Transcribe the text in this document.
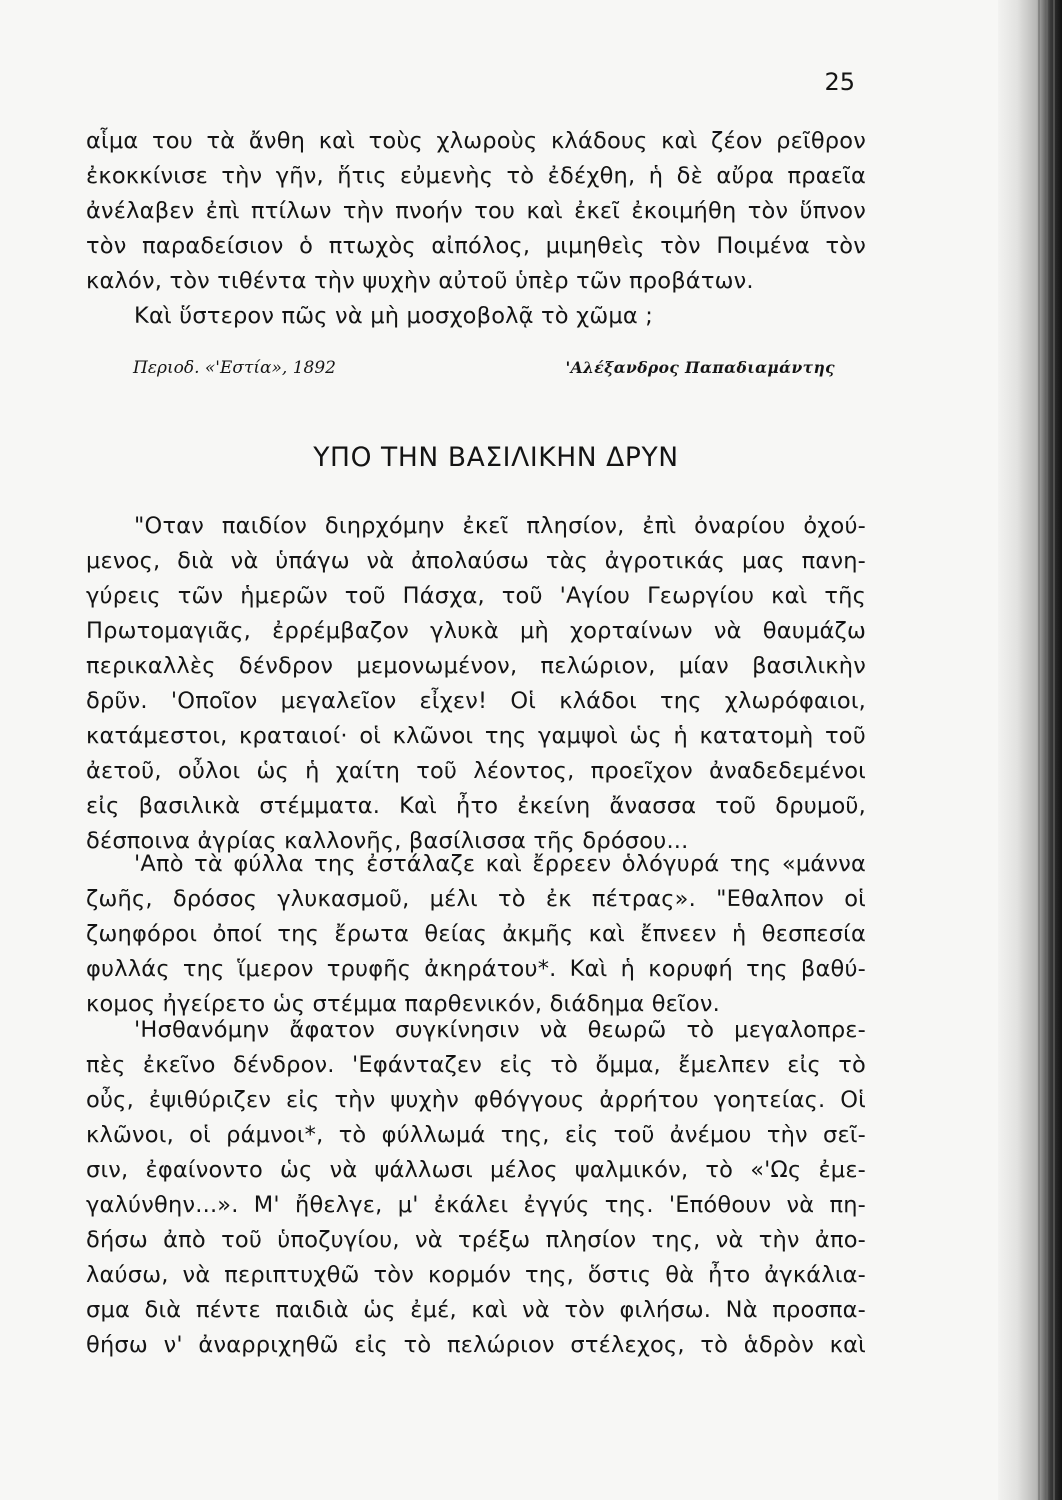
25
αἷμα του τὰ ἄνθη καὶ τοὺς χλωροὺς κλάδους καὶ ζέον ρεῖθρον
ἐκοκκίνισε τὴν γῆν, ἥτις εὐμενὴς τὸ ἐδέχθη, ἡ δὲ αὔρα πραεῖα
ἀνέλαβεν ἐπὶ πτίλων τὴν πνοήν του καὶ ἐκεῖ ἐκοιμήθη τὸν ὕπνον
τὸν παραδείσιον ὁ πτωχὸς αἰπόλος, μιμηθεὶς τὸν Ποιμένα τὸν
καλόν, τὸν τιθέντα τὴν ψυχὴν αὐτοῦ ὑπὲρ τῶν προβάτων.
Καὶ ὕστερον πῶς νὰ μὴ μοσχοβολᾷ τὸ χῶμα ;
Περιοδ. «'Εστία», 1892	'Αλέξανδρος Παπαδιαμάντης
ΥΠΟ ΤΗΝ ΒΑΣΙΛΙΚΗΝ ΔΡΥΝ
"Οταν παιδίον διηρχόμην ἐκεῖ πλησίον, ἐπὶ ὀναρίου ὀχού-
μενος, διὰ νὰ ὑπάγω νὰ ἀπολαύσω τὰς ἀγροτικάς μας πανη-
γύρεις τῶν ἡμερῶν τοῦ Πάσχα, τοῦ 'Αγίου Γεωργίου καὶ τῆς
Πρωτομαγιᾶς, ἐρρέμβαζον γλυκὰ μὴ χορταίνων νὰ θαυμάζω
περικαλλὲς δένδρον μεμονωμένον, πελώριον, μίαν βασιλικὴν
δρῦν. 'Οποῖον μεγαλεῖον εἶχεν! Οἱ κλάδοι της χλωρόφαιοι,
κατάμεστοι, κραταιοί· οἱ κλῶνοι της γαμψοὶ ὡς ἡ κατατομὴ τοῦ
ἀετοῦ, οὖλοι ὡς ἡ χαίτη τοῦ λέοντος, προεῖχον ἀναδεδεμένοι
εἰς βασιλικὰ στέμματα. Καὶ ἦτο ἐκείνη ἄνασσα τοῦ δρυμοῦ,
δέσποινα ἀγρίας καλλονῆς, βασίλισσα τῆς δρόσου...
'Απὸ τὰ φύλλα της ἐστάλαζε καὶ ἔρρεεν ὁλόγυρά της «μάννα
ζωῆς, δρόσος γλυκασμοῦ, μέλι τὸ ἐκ πέτρας». "Εθαλπον οἱ
ζωηφόροι ὀποί της ἔρωτα θείας ἀκμῆς καὶ ἔπνεεν ἡ θεσπεσία
φυλλάς της ἵμερον τρυφῆς ἀκηράτου*. Καὶ ἡ κορυφή της βαθύ-
κομος ἠγείρετο ὡς στέμμα παρθενικόν, διάδημα θεῖον.
'Ησθανόμην ἄφατον συγκίνησιν νὰ θεωρῶ τὸ μεγαλοπρε-
πὲς ἐκεῖνο δένδρον. 'Εφάνταζεν εἰς τὸ ὄμμα, ἔμελπεν εἰς τὸ
οὖς, ἐψιθύριζεν εἰς τὴν ψυχὴν φθόγγους ἀρρήτου γοητείας. Οἱ
κλῶνοι, οἱ ράμνοι*, τὸ φύλλωμά της, εἰς τοῦ ἀνέμου τὴν σεῖ-
σιν, ἐφαίνοντο ὡς νὰ ψάλλωσι μέλος ψαλμικόν, τὸ «'Ως ἐμε-
γαλύνθην...». Μ' ἤθελγε, μ' ἐκάλει ἐγγύς της. 'Επόθουν νὰ πη-
δήσω ἀπὸ τοῦ ὑποζυγίου, νὰ τρέξω πλησίον της, νὰ τὴν ἀπο-
λαύσω, νὰ περιπτυχθῶ τὸν κορμόν της, ὅστις θὰ ἦτο ἀγκάλια-
σμα διὰ πέντε παιδιὰ ὡς ἐμέ, καὶ νὰ τὸν φιλήσω. Νὰ προσπα-
θήσω ν' ἀναρριχηθῶ εἰς τὸ πελώριον στέλεχος, τὸ ἁδρὸν καὶ
